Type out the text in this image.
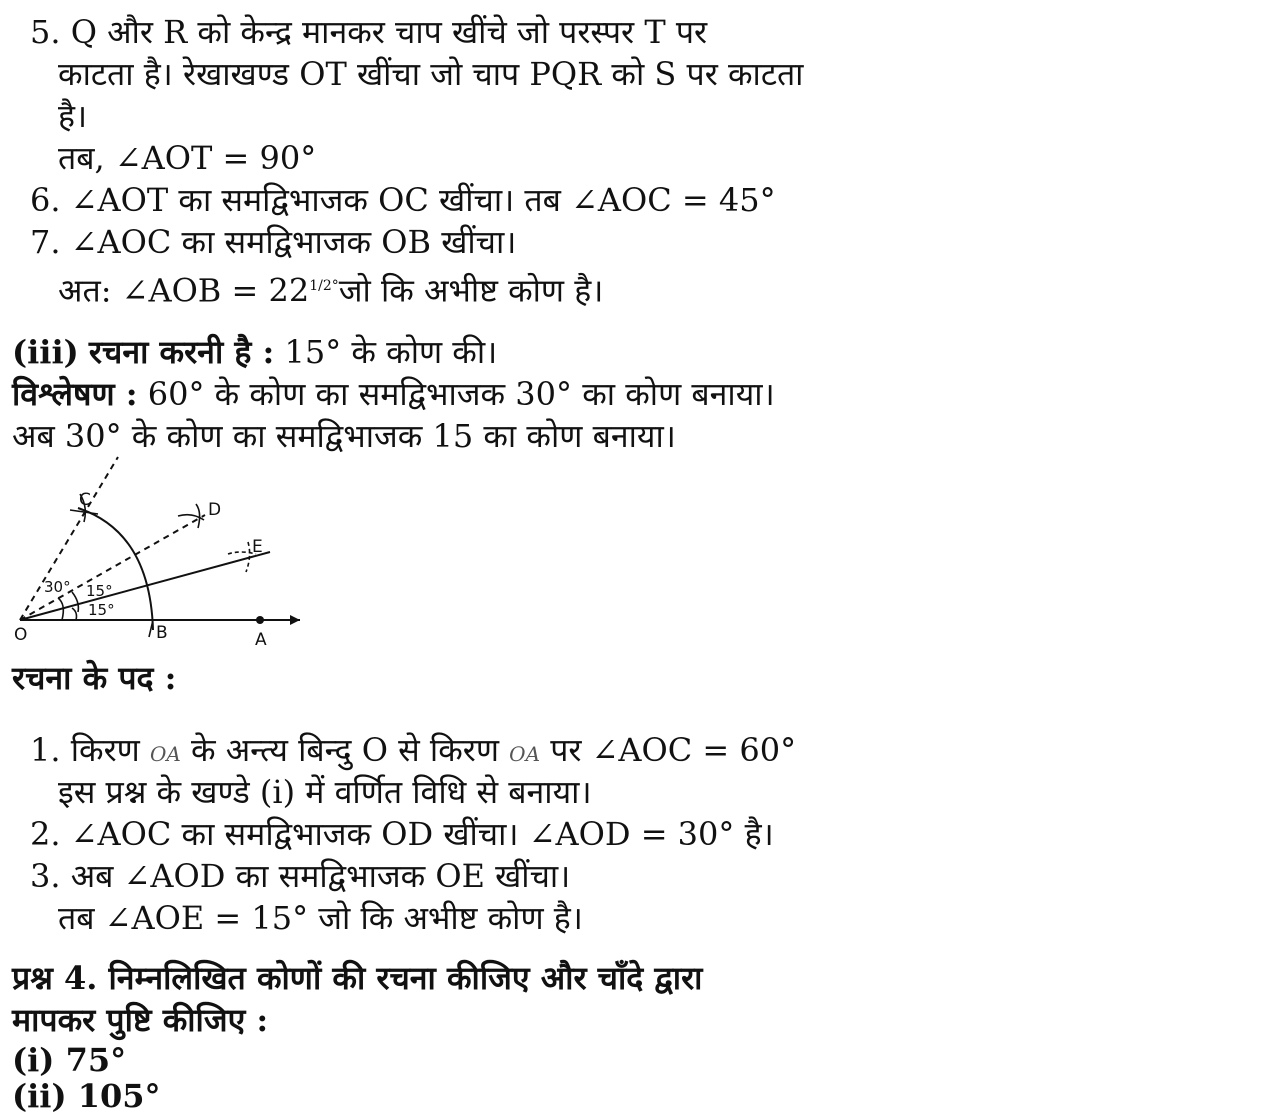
5. Q और R को केन्द्र मानकर चाप खींचे जो परस्पर T पर
काटता है। रेखाखण्ड OT खींचा जो चाप PQR को S पर काटता
है।
तब, ∠AOT = 90°
6. ∠AOT का समद्विभाजक OC खींचा। तब ∠AOC = 45°
7. ∠AOC का समद्विभाजक OB खींचा।
अत: ∠AOB = $22^{1/2^\circ}जो$ कि अभीष्ट कोण है।
(iii) रचना करनी है : 15° के कोण की।
विश्लेषण : 60° के कोण का समद्विभाजक 30° का कोण बनाया।
अब 30° के कोण का समद्विभाजक 15 का कोण बनाया।
O	B	A
C	D
E
30° 15°
15°
रचना के पद :
1. किरण OA के अन्त्य बिन्दु O से किरण OA पर ∠AOC = 60°
इस प्रश्न के खण्डे (i) में वर्णित विधि से बनाया।
2. ∠AOC का समद्विभाजक OD खींचा। ∠AOD = 30° है।
3. अब ∠AOD का समद्विभाजक OE खींचा।
तब ∠AOE = 15° जो कि अभीष्ट कोण है।
प्रश्न 4. निम्नलिखित कोणों की रचना कीजिए और चाँदे द्वारा
मापकर पुष्टि कीजिए :
(i) 75°
(ii) 105°
